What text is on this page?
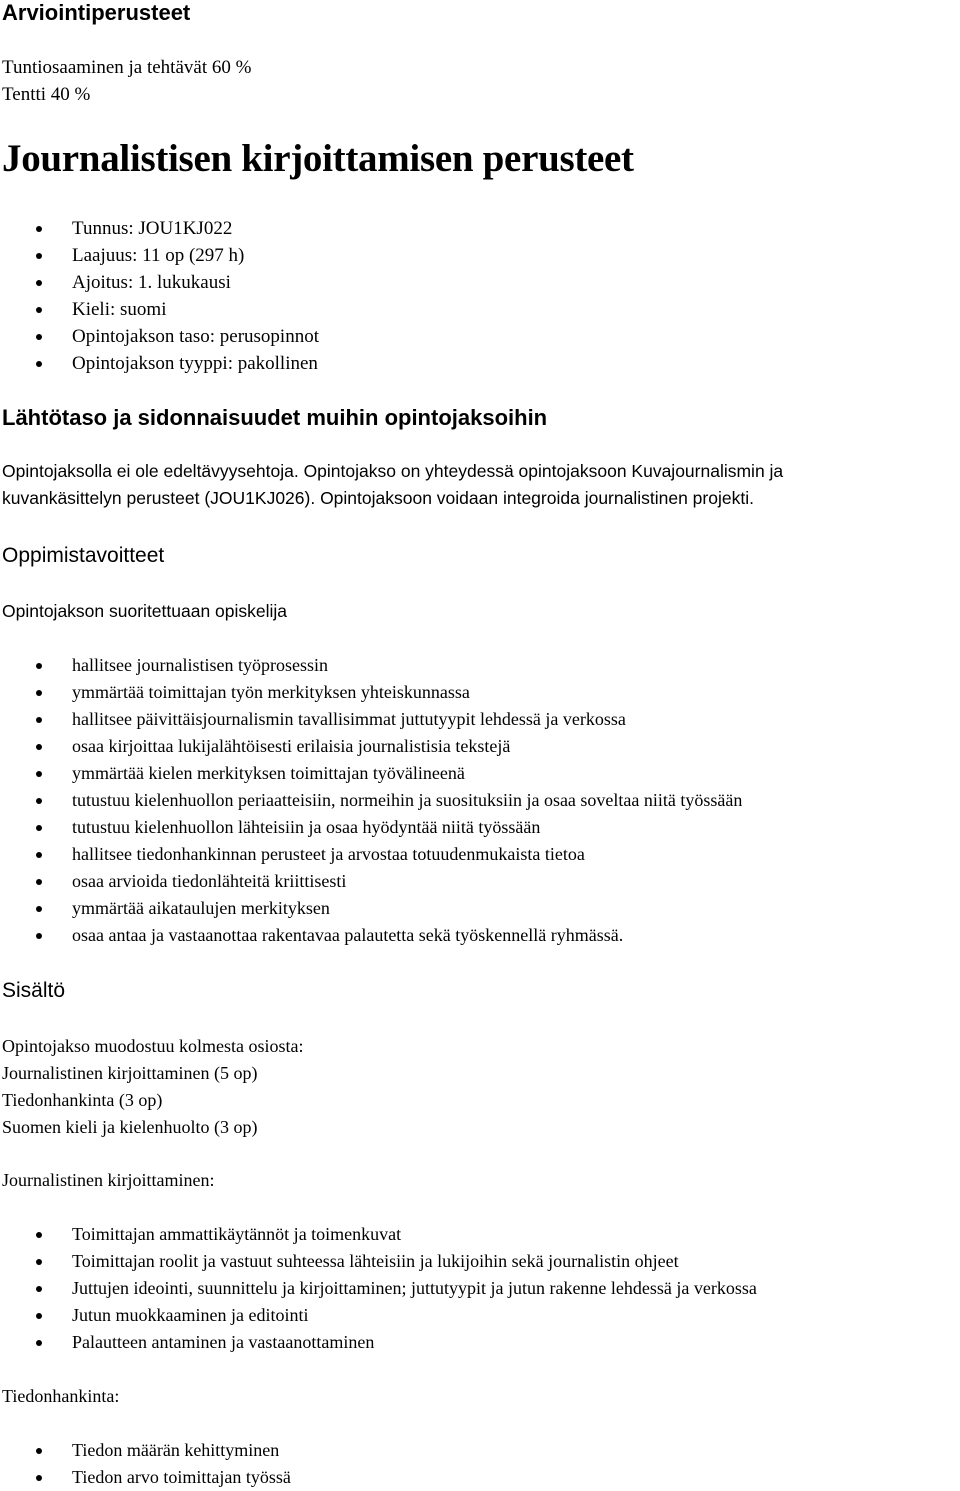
Arviointiperusteet
Tuntiosaaminen ja tehtävät 60 %
Tentti 40 %
Journalistisen kirjoittamisen perusteet
Tunnus: JOU1KJ022
Laajuus: 11 op (297 h)
Ajoitus: 1. lukukausi
Kieli: suomi
Opintojakson taso: perusopinnot
Opintojakson tyyppi: pakollinen
Lähtötaso ja sidonnaisuudet muihin opintojaksoihin
Opintojaksolla ei ole edeltävyysehtoja. Opintojakso on yhteydessä opintojaksoon Kuvajournalismin ja
kuvankäsittelyn perusteet (JOU1KJ026). Opintojaksoon voidaan integroida journalistinen projekti.
Oppimistavoitteet
Opintojakson suoritettuaan opiskelija
hallitsee journalistisen työprosessin
ymmärtää toimittajan työn merkityksen yhteiskunnassa
hallitsee päivittäisjournalismin tavallisimmat juttutyypit lehdessä ja verkossa
osaa kirjoittaa lukijalähtöisesti erilaisia journalistisia tekstejä
ymmärtää kielen merkityksen toimittajan työvälineenä
tutustuu kielenhuollon periaatteisiin, normeihin ja suosituksiin ja osaa soveltaa niitä työssään
tutustuu kielenhuollon lähteisiin ja osaa hyödyntää niitä työssään
hallitsee tiedonhankinnan perusteet ja arvostaa totuudenmukaista tietoa
osaa arvioida tiedonlähteitä kriittisesti
ymmärtää aikataulujen merkityksen
osaa antaa ja vastaanottaa rakentavaa palautetta sekä työskennellä ryhmässä.
Sisältö
Opintojakso muodostuu kolmesta osiosta:
Journalistinen kirjoittaminen (5 op)
Tiedonhankinta (3 op)
Suomen kieli ja kielenhuolto (3 op)
Journalistinen kirjoittaminen:
Toimittajan ammattikäytännöt ja toimenkuvat
Toimittajan roolit ja vastuut suhteessa lähteisiin ja lukijoihin sekä journalistin ohjeet
Juttujen ideointi, suunnittelu ja kirjoittaminen; juttutyypit ja jutun rakenne lehdessä ja verkossa
Jutun muokkaaminen ja editointi
Palautteen antaminen ja vastaanottaminen
Tiedonhankinta:
Tiedon määrän kehittyminen
Tiedon arvo toimittajan työssä
